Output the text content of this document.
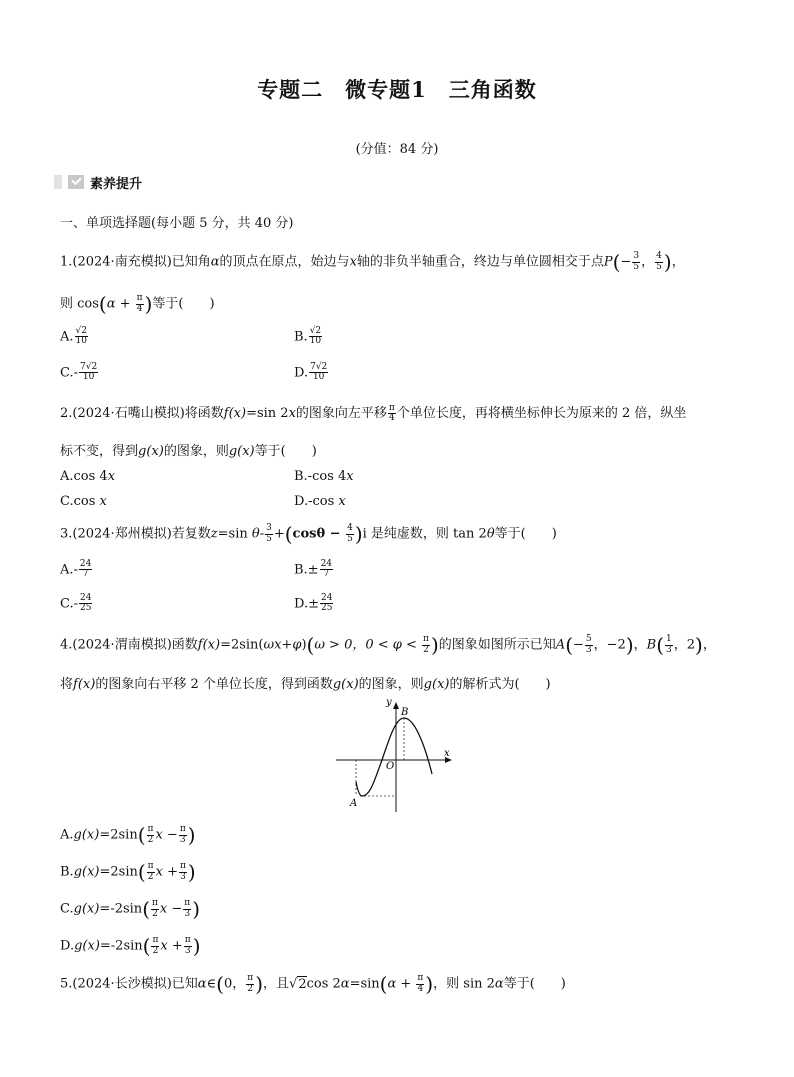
专题二　微专题1　三角函数
(分值：84 分)
素养提升
一、单项选择题(每小题 5 分，共 40 分)
1.(2024·南充模拟)已知角α的顶点在原点，始边与x轴的非负半轴重合，终边与单位圆相交于点$P(- \frac{3}{5}$ ， $\frac{4}{5}$ )，
则 $\cos(\alpha + \frac{\pi}{4}$ )等于(　　)
A. $\frac{√2}{10}$	B. $\frac{√2}{10}$
$C.- \frac{7√2}{10}$	D. $\frac{7√2}{10}$
2.(2024·石嘴山模拟)将函数f(x)=sin 2x的图象向左平移 $\frac{\pi}{4}$ 个单位长度，再将横坐标伸长为原来的 2 倍，纵坐
标不变，得到g(x)的图象，则g(x)等于(　　)
A.cos 4x	B.-cos 4x
C.cos x	D.-cos x
3.(2024·郑州模拟)若复数z=sin $\theta- \frac{3}{5} +(\cos\theta - \frac{4}{5} )i$ 是纯虚数，则 tan 2θ等于(　　)
$A.- \frac{24}{7}$	$B.\pm \frac{24}{7}$
$C.- \frac{24}{25}$	$D.\pm \frac{24}{25}$
4.(2024·渭南模拟)函数f(x)=2sin(ωx+φ)(ω > 0，$0 < \varphi < \frac{\pi}{2}$ )的图象如图所示已知$A(- \frac{5}{3}$ ，−2)，$B( \frac{1}{3}$ ，2)，
将f(x)的图象向右平移 2 个单位长度，得到函数g(x)的图象，则g(x)的解析式为(　　)
y
x
O
A
B
$A.g(x)=2\sin( \frac{\pi}{2}$ $x - \frac{\pi}{3}$ )
$B.g(x)=2\sin( \frac{\pi}{2}$ $x + \frac{\pi}{3}$ )
$C.g(x)=-2\sin( \frac{\pi}{2}$ $x - \frac{\pi}{3}$ )
$D.g(x)=-2\sin( \frac{\pi}{2}$ $x + \frac{\pi}{3}$ )
5.(2024·长沙模拟)已知α∈(0， $\frac{\pi}{2}$ )，且√2cos $2\alpha=\sin(\alpha + \frac{\pi}{4}$ )，则 sin 2α等于(　　)
